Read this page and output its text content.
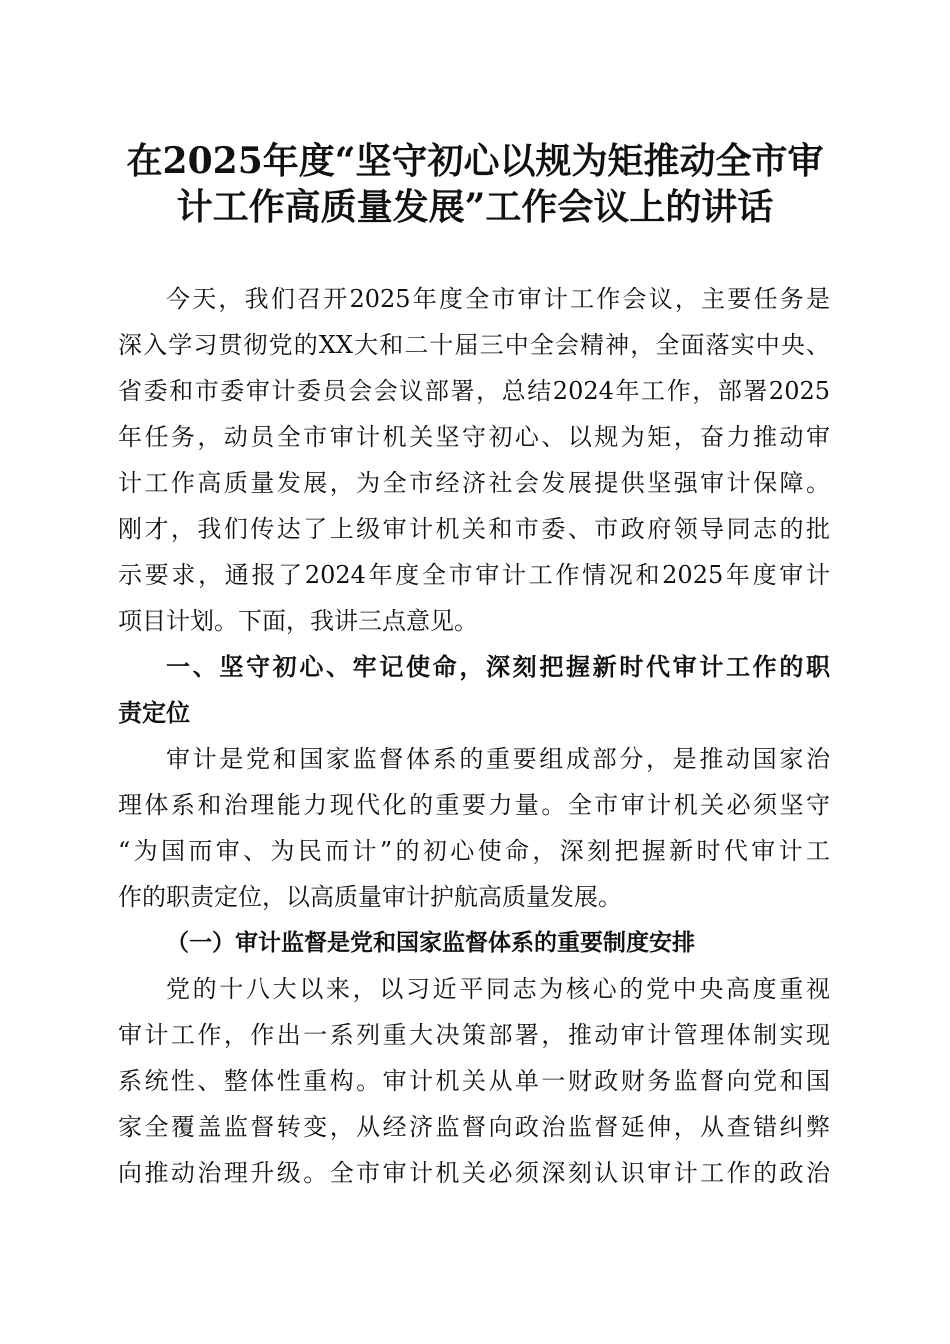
在2025年度“坚守初心以规为矩推动全市审
计工作高质量发展”工作会议上的讲话
今天，我们召开2025年度全市审计工作会议，主要任务是
深入学习贯彻党的XX大和二十届三中全会精神，全面落实中央、
省委和市委审计委员会会议部署，总结2024年工作，部署2025
年任务，动员全市审计机关坚守初心、以规为矩，奋力推动审
计工作高质量发展，为全市经济社会发展提供坚强审计保障。
刚才，我们传达了上级审计机关和市委、市政府领导同志的批
示要求，通报了2024年度全市审计工作情况和2025年度审计
项目计划。下面，我讲三点意见。
一、坚守初心、牢记使命，深刻把握新时代审计工作的职
责定位
审计是党和国家监督体系的重要组成部分，是推动国家治
理体系和治理能力现代化的重要力量。全市审计机关必须坚守
“为国而审、为民而计”的初心使命，深刻把握新时代审计工
作的职责定位，以高质量审计护航高质量发展。
（一）审计监督是党和国家监督体系的重要制度安排
党的十八大以来，以习近平同志为核心的党中央高度重视
审计工作，作出一系列重大决策部署，推动审计管理体制实现
系统性、整体性重构。审计机关从单一财政财务监督向党和国
家全覆盖监督转变，从经济监督向政治监督延伸，从查错纠弊
向推动治理升级。全市审计机关必须深刻认识审计工作的政治
